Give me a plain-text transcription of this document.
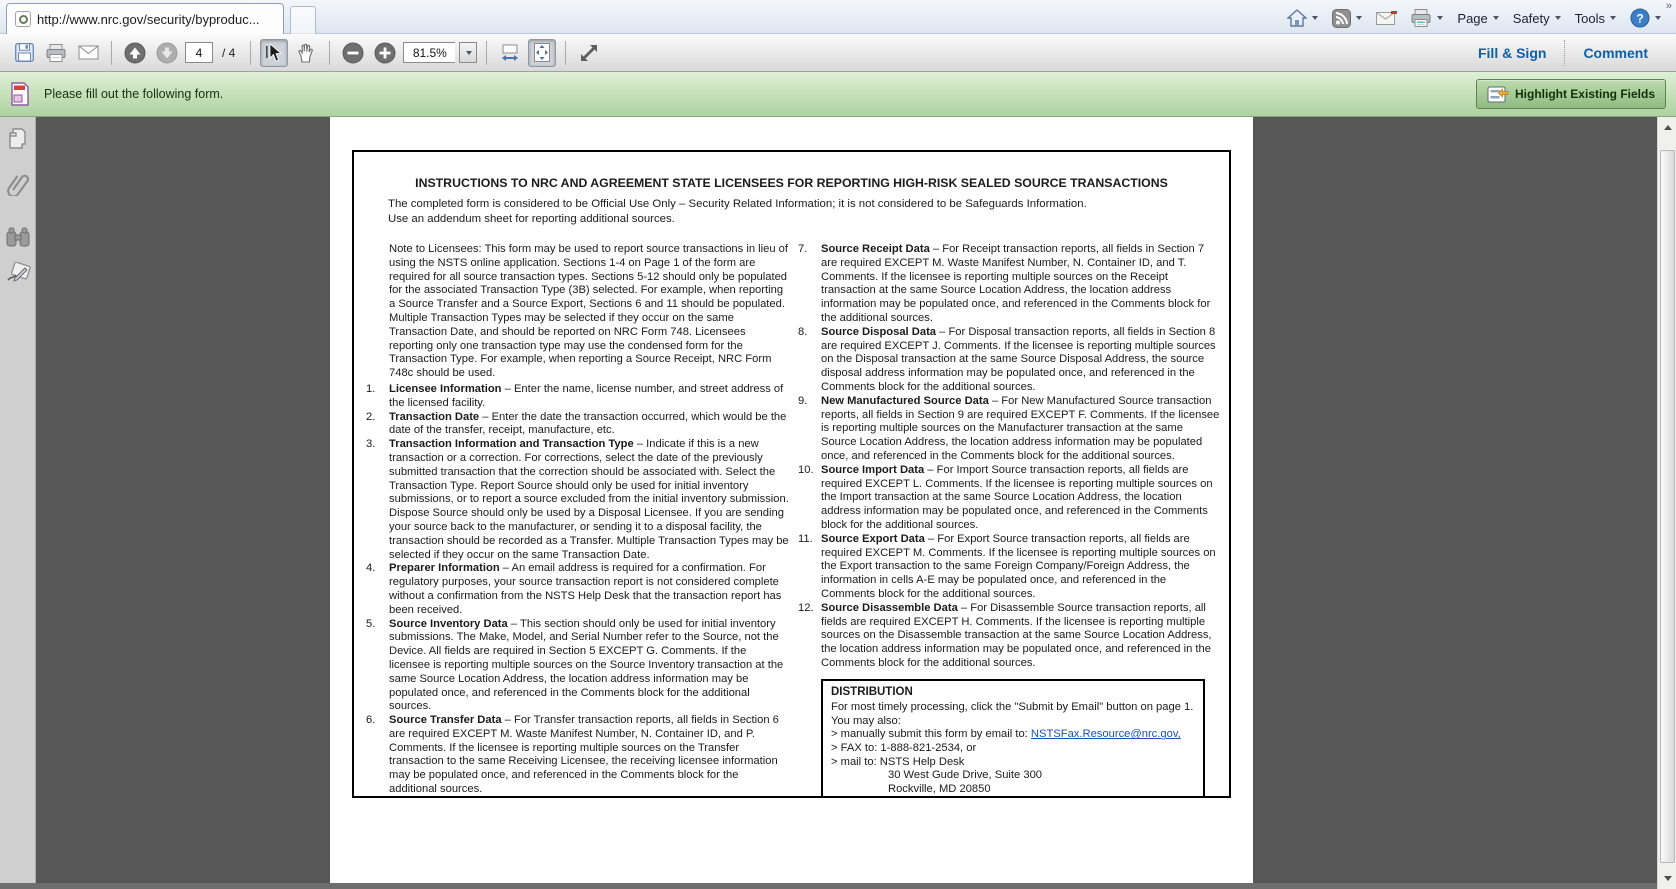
http://www.nrc.gov/security/byproduc...
»
Page Safety Tools	?
4	/ 4	81.5%	Fill & Sign	Comment
Please fill out the following form.	Highlight Existing Fields
INSTRUCTIONS TO NRC AND AGREEMENT STATE LICENSEES FOR REPORTING HIGH-RISK SEALED SOURCE TRANSACTIONS
The completed form is considered to be Official Use Only – Security Related Information; it is not considered to be Safeguards Information.
Use an addendum sheet for reporting additional sources.
Note to Licensees: This form may be used to report source transactions in lieu of using the NSTS online application. Sections 1-4 on Page 1 of the form are required for all source transaction types. Sections 5-12 should only be populated for the associated Transaction Type (3B) selected. For example, when reporting a Source Transfer and a Source Export, Sections 6 and 11 should be populated. Multiple Transaction Types may be selected if they occur on the same Transaction Date, and should be reported on NRC Form 748. Licensees reporting only one transaction type may use the condensed form for the Transaction Type. For example, when reporting a Source Receipt, NRC Form 748c should be used.
1.	Licensee Information – Enter the name, license number, and street address of the licensed facility.
2.	Transaction Date – Enter the date the transaction occurred, which would be the date of the transfer, receipt, manufacture, etc.
3.	Transaction Information and Transaction Type – Indicate if this is a new transaction or a correction. For corrections, select the date of the previously submitted transaction that the correction should be associated with. Select the Transaction Type. Report Source should only be used for initial inventory submissions, or to report a source excluded from the initial inventory submission. Dispose Source should only be used by a Disposal Licensee. If you are sending your source back to the manufacturer, or sending it to a disposal facility, the transaction should be recorded as a Transfer. Multiple Transaction Types may be selected if they occur on the same Transaction Date.
4.	Preparer Information – An email address is required for a confirmation. For regulatory purposes, your source transaction report is not considered complete without a confirmation from the NSTS Help Desk that the transaction report has been received.
5.	Source Inventory Data – This section should only be used for initial inventory submissions. The Make, Model, and Serial Number refer to the Source, not the Device. All fields are required in Section 5 EXCEPT G. Comments. If the licensee is reporting multiple sources on the Source Inventory transaction at the same Source Location Address, the location address information may be populated once, and referenced in the Comments block for the additional sources.
6.	Source Transfer Data – For Transfer transaction reports, all fields in Section 6 are required EXCEPT M. Waste Manifest Number, N. Container ID, and P. Comments. If the licensee is reporting multiple sources on the Transfer transaction to the same Receiving Licensee, the receiving licensee information may be populated once, and referenced in the Comments block for the additional sources.
7.	Source Receipt Data – For Receipt transaction reports, all fields in Section 7 are required EXCEPT M. Waste Manifest Number, N. Container ID, and T. Comments. If the licensee is reporting multiple sources on the Receipt transaction at the same Source Location Address, the location address information may be populated once, and referenced in the Comments block for the additional sources.
8.	Source Disposal Data – For Disposal transaction reports, all fields in Section 8 are required EXCEPT J. Comments. If the licensee is reporting multiple sources on the Disposal transaction at the same Source Disposal Address, the source disposal address information may be populated once, and referenced in the Comments block for the additional sources.
9.	New Manufactured Source Data – For New Manufactured Source transaction reports, all fields in Section 9 are required EXCEPT F. Comments. If the licensee is reporting multiple sources on the Manufacturer transaction at the same Source Location Address, the location address information may be populated once, and referenced in the Comments block for the additional sources.
10. Source Import Data – For Import Source transaction reports, all fields are required EXCEPT L. Comments. If the licensee is reporting multiple sources on the Import transaction at the same Source Location Address, the location address information may be populated once, and referenced in the Comments block for the additional sources.
11. Source Export Data – For Export Source transaction reports, all fields are required EXCEPT M. Comments. If the licensee is reporting multiple sources on the Export transaction to the same Foreign Company/Foreign Address, the information in cells A-E may be populated once, and referenced in the Comments block for the additional sources.
12. Source Disassemble Data – For Disassemble Source transaction reports, all fields are required EXCEPT H. Comments. If the licensee is reporting multiple sources on the Disassemble transaction at the same Source Location Address, the location address information may be populated once, and referenced in the Comments block for the additional sources.
DISTRIBUTION
For most timely processing, click the "Submit by Email" button on page 1.
You may also:
> manually submit this form by email to: NSTSFax.Resource@nrc.gov,
> FAX to: 1-888-821-2534, or
> mail to: NSTS Help Desk
30 West Gude Drive, Suite 300
Rockville, MD 20850
